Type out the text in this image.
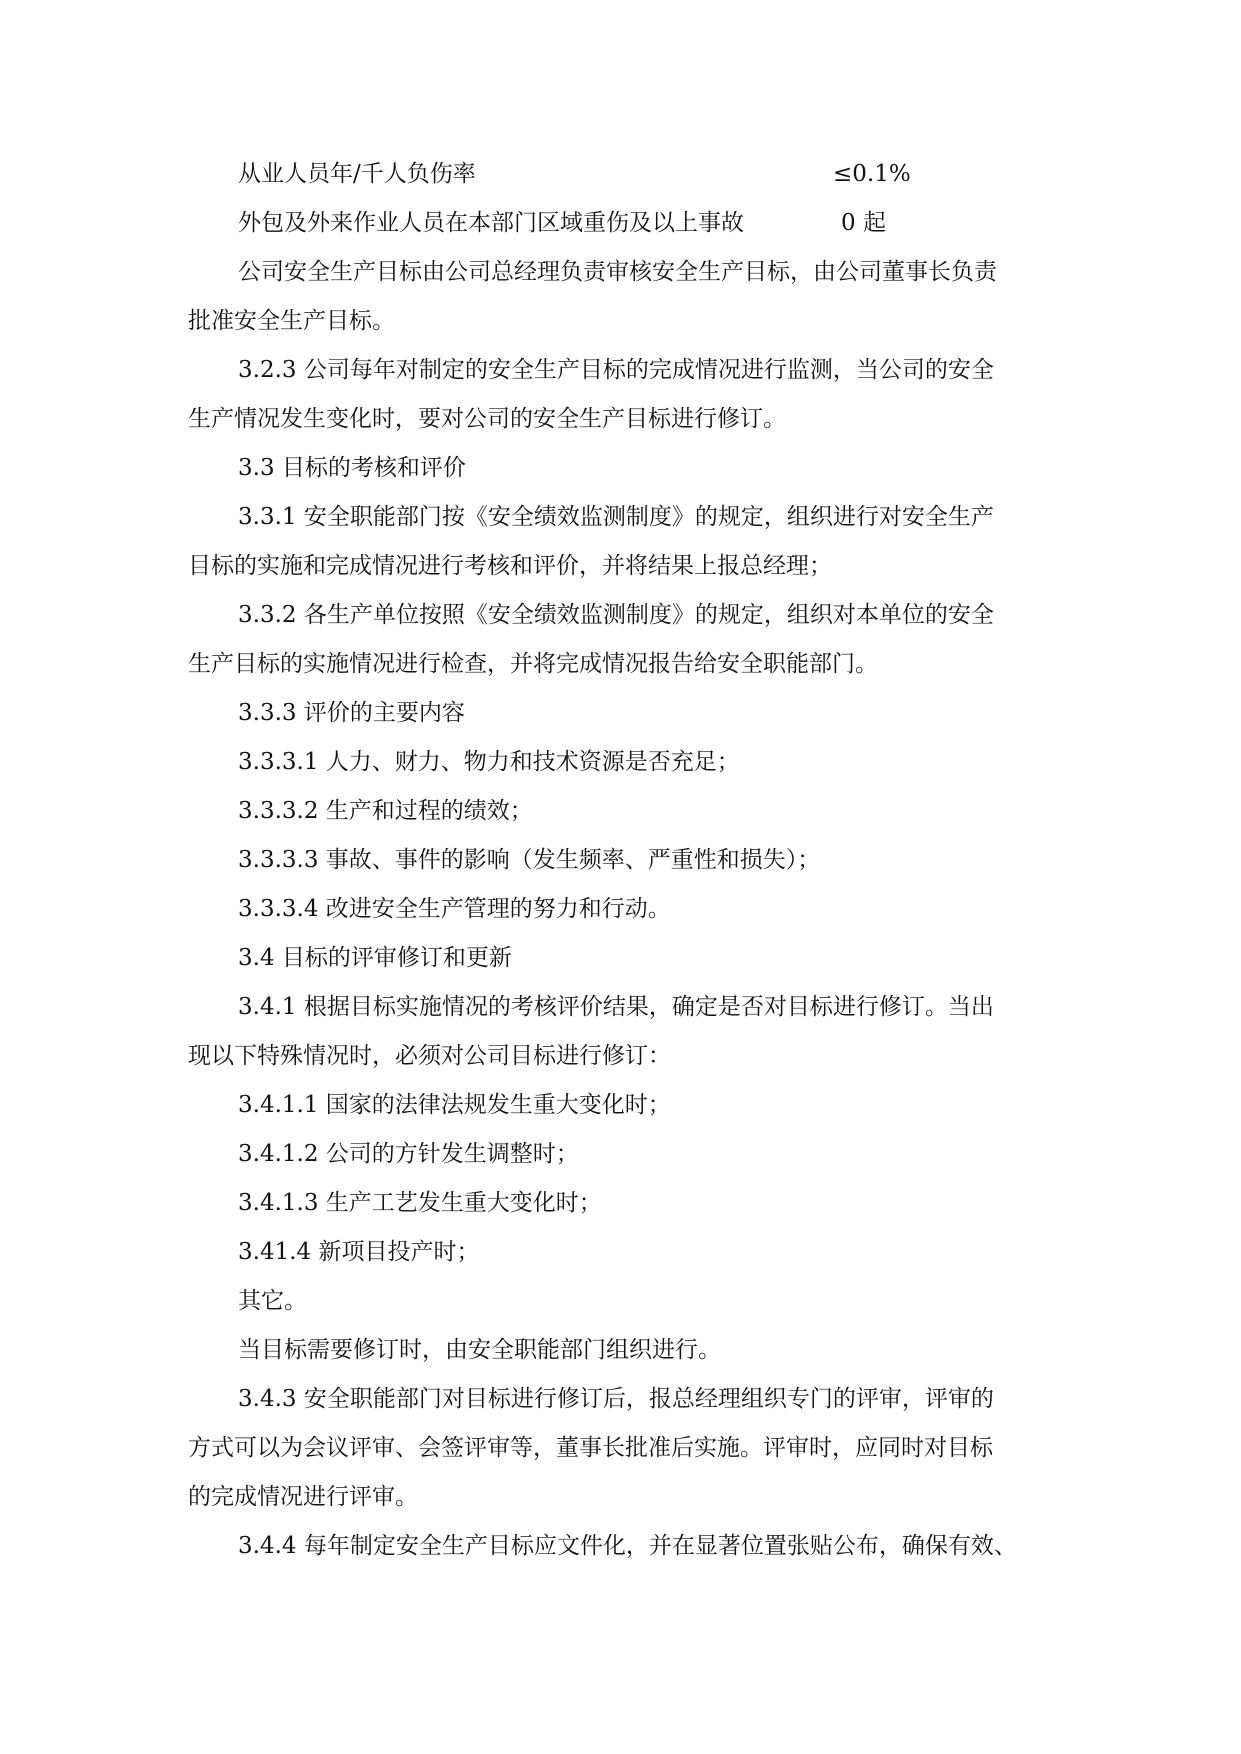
从业人员年/千人负伤率	≤0.1%
外包及外来作业人员在本部门区域重伤及以上事故	0 起
公司安全生产目标由公司总经理负责审核安全生产目标，由公司董事长负责
批准安全生产目标。
3.2.3 公司每年对制定的安全生产目标的完成情况进行监测，当公司的安全
生产情况发生变化时，要对公司的安全生产目标进行修订。
3.3 目标的考核和评价
3.3.1 安全职能部门按《安全绩效监测制度》的规定，组织进行对安全生产
目标的实施和完成情况进行考核和评价，并将结果上报总经理；
3.3.2 各生产单位按照《安全绩效监测制度》的规定，组织对本单位的安全
生产目标的实施情况进行检查，并将完成情况报告给安全职能部门。
3.3.3 评价的主要内容
3.3.3.1 人力、财力、物力和技术资源是否充足；
3.3.3.2 生产和过程的绩效；
3.3.3.3 事故、事件的影响（发生频率、严重性和损失）；
3.3.3.4 改进安全生产管理的努力和行动。
3.4 目标的评审修订和更新
3.4.1 根据目标实施情况的考核评价结果，确定是否对目标进行修订。当出
现以下特殊情况时，必须对公司目标进行修订：
3.4.1.1 国家的法律法规发生重大变化时；
3.4.1.2 公司的方针发生调整时；
3.4.1.3 生产工艺发生重大变化时；
3.41.4 新项目投产时；
其它。
当目标需要修订时，由安全职能部门组织进行。
3.4.3 安全职能部门对目标进行修订后，报总经理组织专门的评审，评审的
方式可以为会议评审、会签评审等，董事长批准后实施。评审时，应同时对目标
的完成情况进行评审。
3.4.4 每年制定安全生产目标应文件化，并在显著位置张贴公布，确保有效、
